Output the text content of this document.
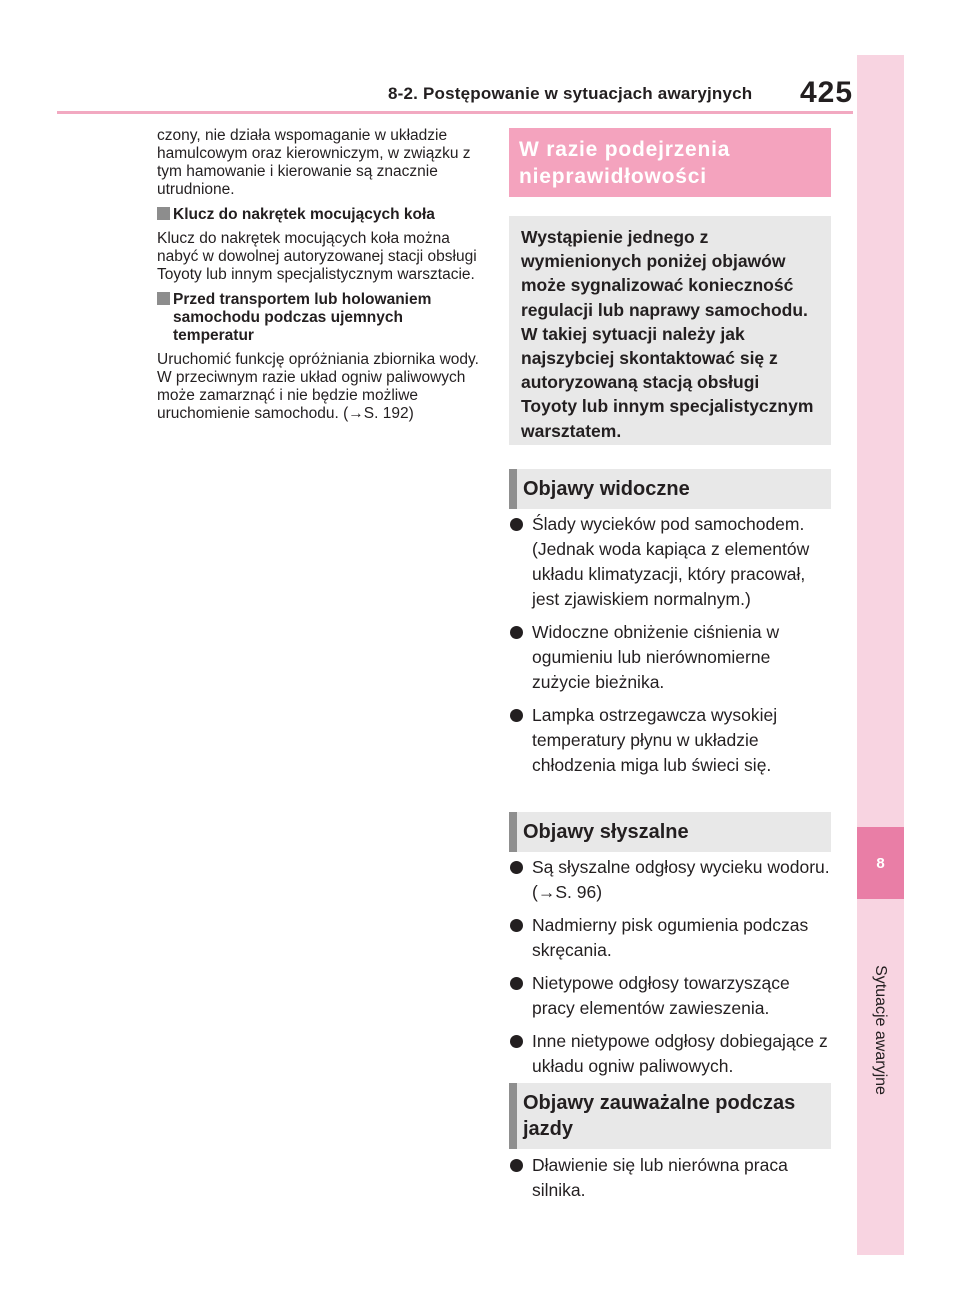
8
Sytuacje awaryjne
8-2. Postępowanie w sytuacjach awaryjnych 425

czony, nie działa wspomaganie w układzie hamulcowym oraz kierowniczym, w związku z tym hamowanie i kierowanie są znacznie utrudnione.

Klucz do nakrętek mocujących koła

Klucz do nakrętek mocujących koła można nabyć w dowolnej autoryzowanej stacji obsługi Toyoty lub innym specjalistycznym warsztacie.

Przed transportem lub holowaniem samochodu podczas ujemnych temperatur

Uruchomić funkcję opróżniania zbiornika wody. W przeciwnym razie układ ogniw paliwowych może zamarznąć i nie będzie możliwe uruchomienie samochodu. (→S. 192)

W razie podejrzenia nieprawidłowości
Wystąpienie jednego z wymienionych poniżej objawów może sygnalizować konieczność regulacji lub naprawy samochodu. W takiej sytuacji należy jak najszybciej skontaktować się z autoryzowaną stacją obsługi Toyoty lub innym specjalistycznym warsztatem.
Objawy widoczne
Ślady wycieków pod samochodem. (Jednak woda kapiąca z elementów układu klimatyzacji, który pracował, jest zjawiskiem normalnym.)
Widoczne obniżenie ciśnienia w ogumieniu lub nierównomierne zużycie bieżnika.
Lampka ostrzegawcza wysokiej temperatury płynu w układzie chłodzenia miga lub świeci się.
Objawy słyszalne
Są słyszalne odgłosy wycieku wodoru. (→S. 96)
Nadmierny pisk ogumienia podczas skręcania.
Nietypowe odgłosy towarzyszące pracy elementów zawieszenia.
Inne nietypowe odgłosy dobiegające z układu ogniw paliwowych.
Objawy zauważalne podczas jazdy
Dławienie się lub nierówna praca silnika.
